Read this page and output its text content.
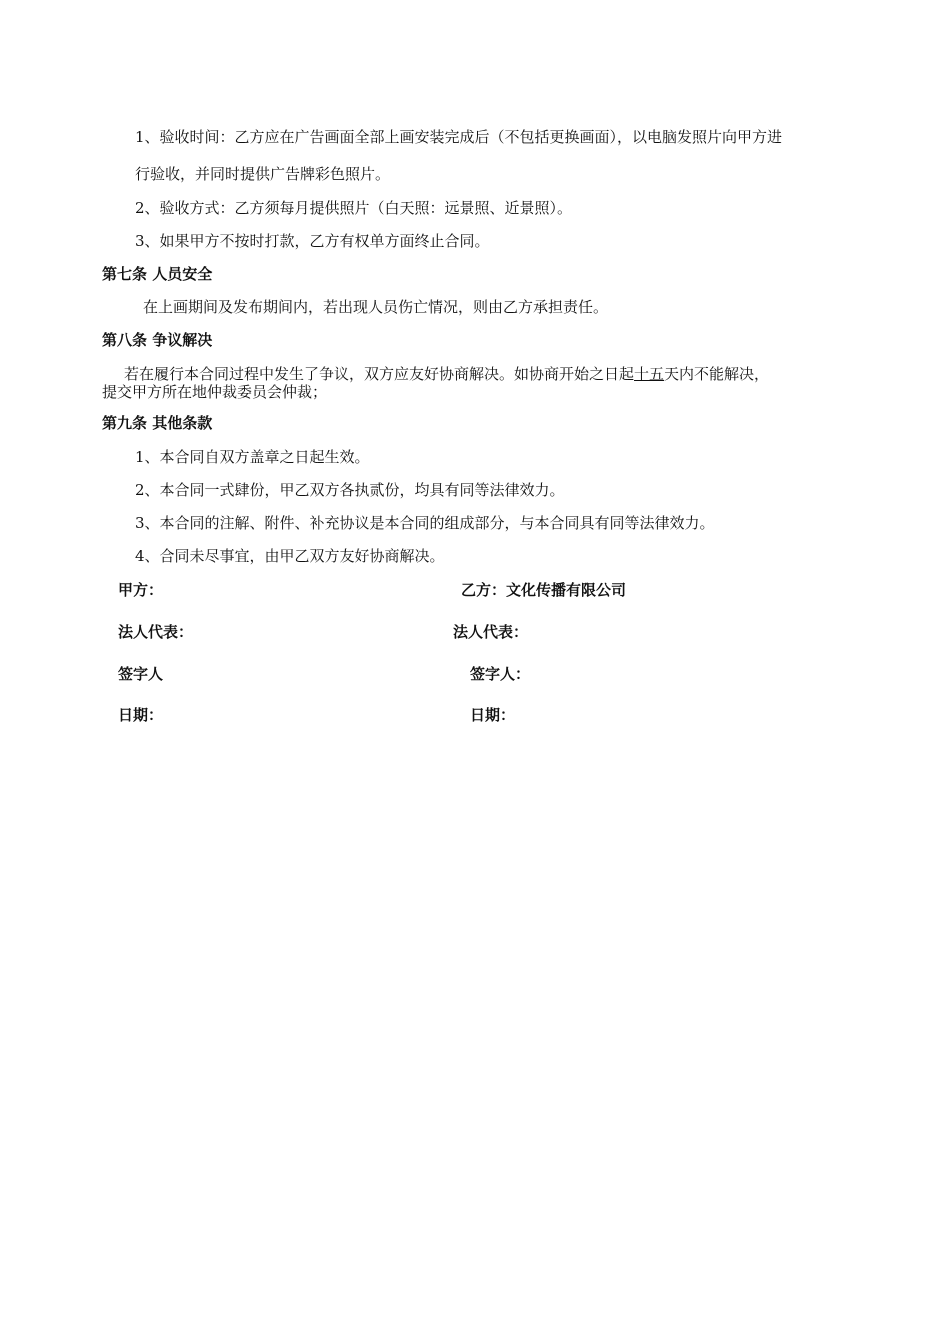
1、验收时间：乙方应在广告画面全部上画安装完成后（不包括更换画面），以电脑发照片向甲方进
行验收，并同时提供广告牌彩色照片。
2、验收方式：乙方须每月提供照片（白天照：远景照、近景照）。
3、如果甲方不按时打款，乙方有权单方面终止合同。
第七条 人员安全
在上画期间及发布期间内，若出现人员伤亡情况，则由乙方承担责任。
第八条 争议解决
若在履行本合同过程中发生了争议，双方应友好协商解决。如协商开始之日起十五天内不能解决，
提交甲方所在地仲裁委员会仲裁；
第九条 其他条款
1、本合同自双方盖章之日起生效。
2、本合同一式肆份，甲乙双方各执贰份，均具有同等法律效力。
3、本合同的注解、附件、补充协议是本合同的组成部分，与本合同具有同等法律效力。
4、合同未尽事宜，由甲乙双方友好协商解决。
甲方：	乙方：文化传播有限公司
法人代表：	法人代表：
签字人	签字人：
日期：	日期：
